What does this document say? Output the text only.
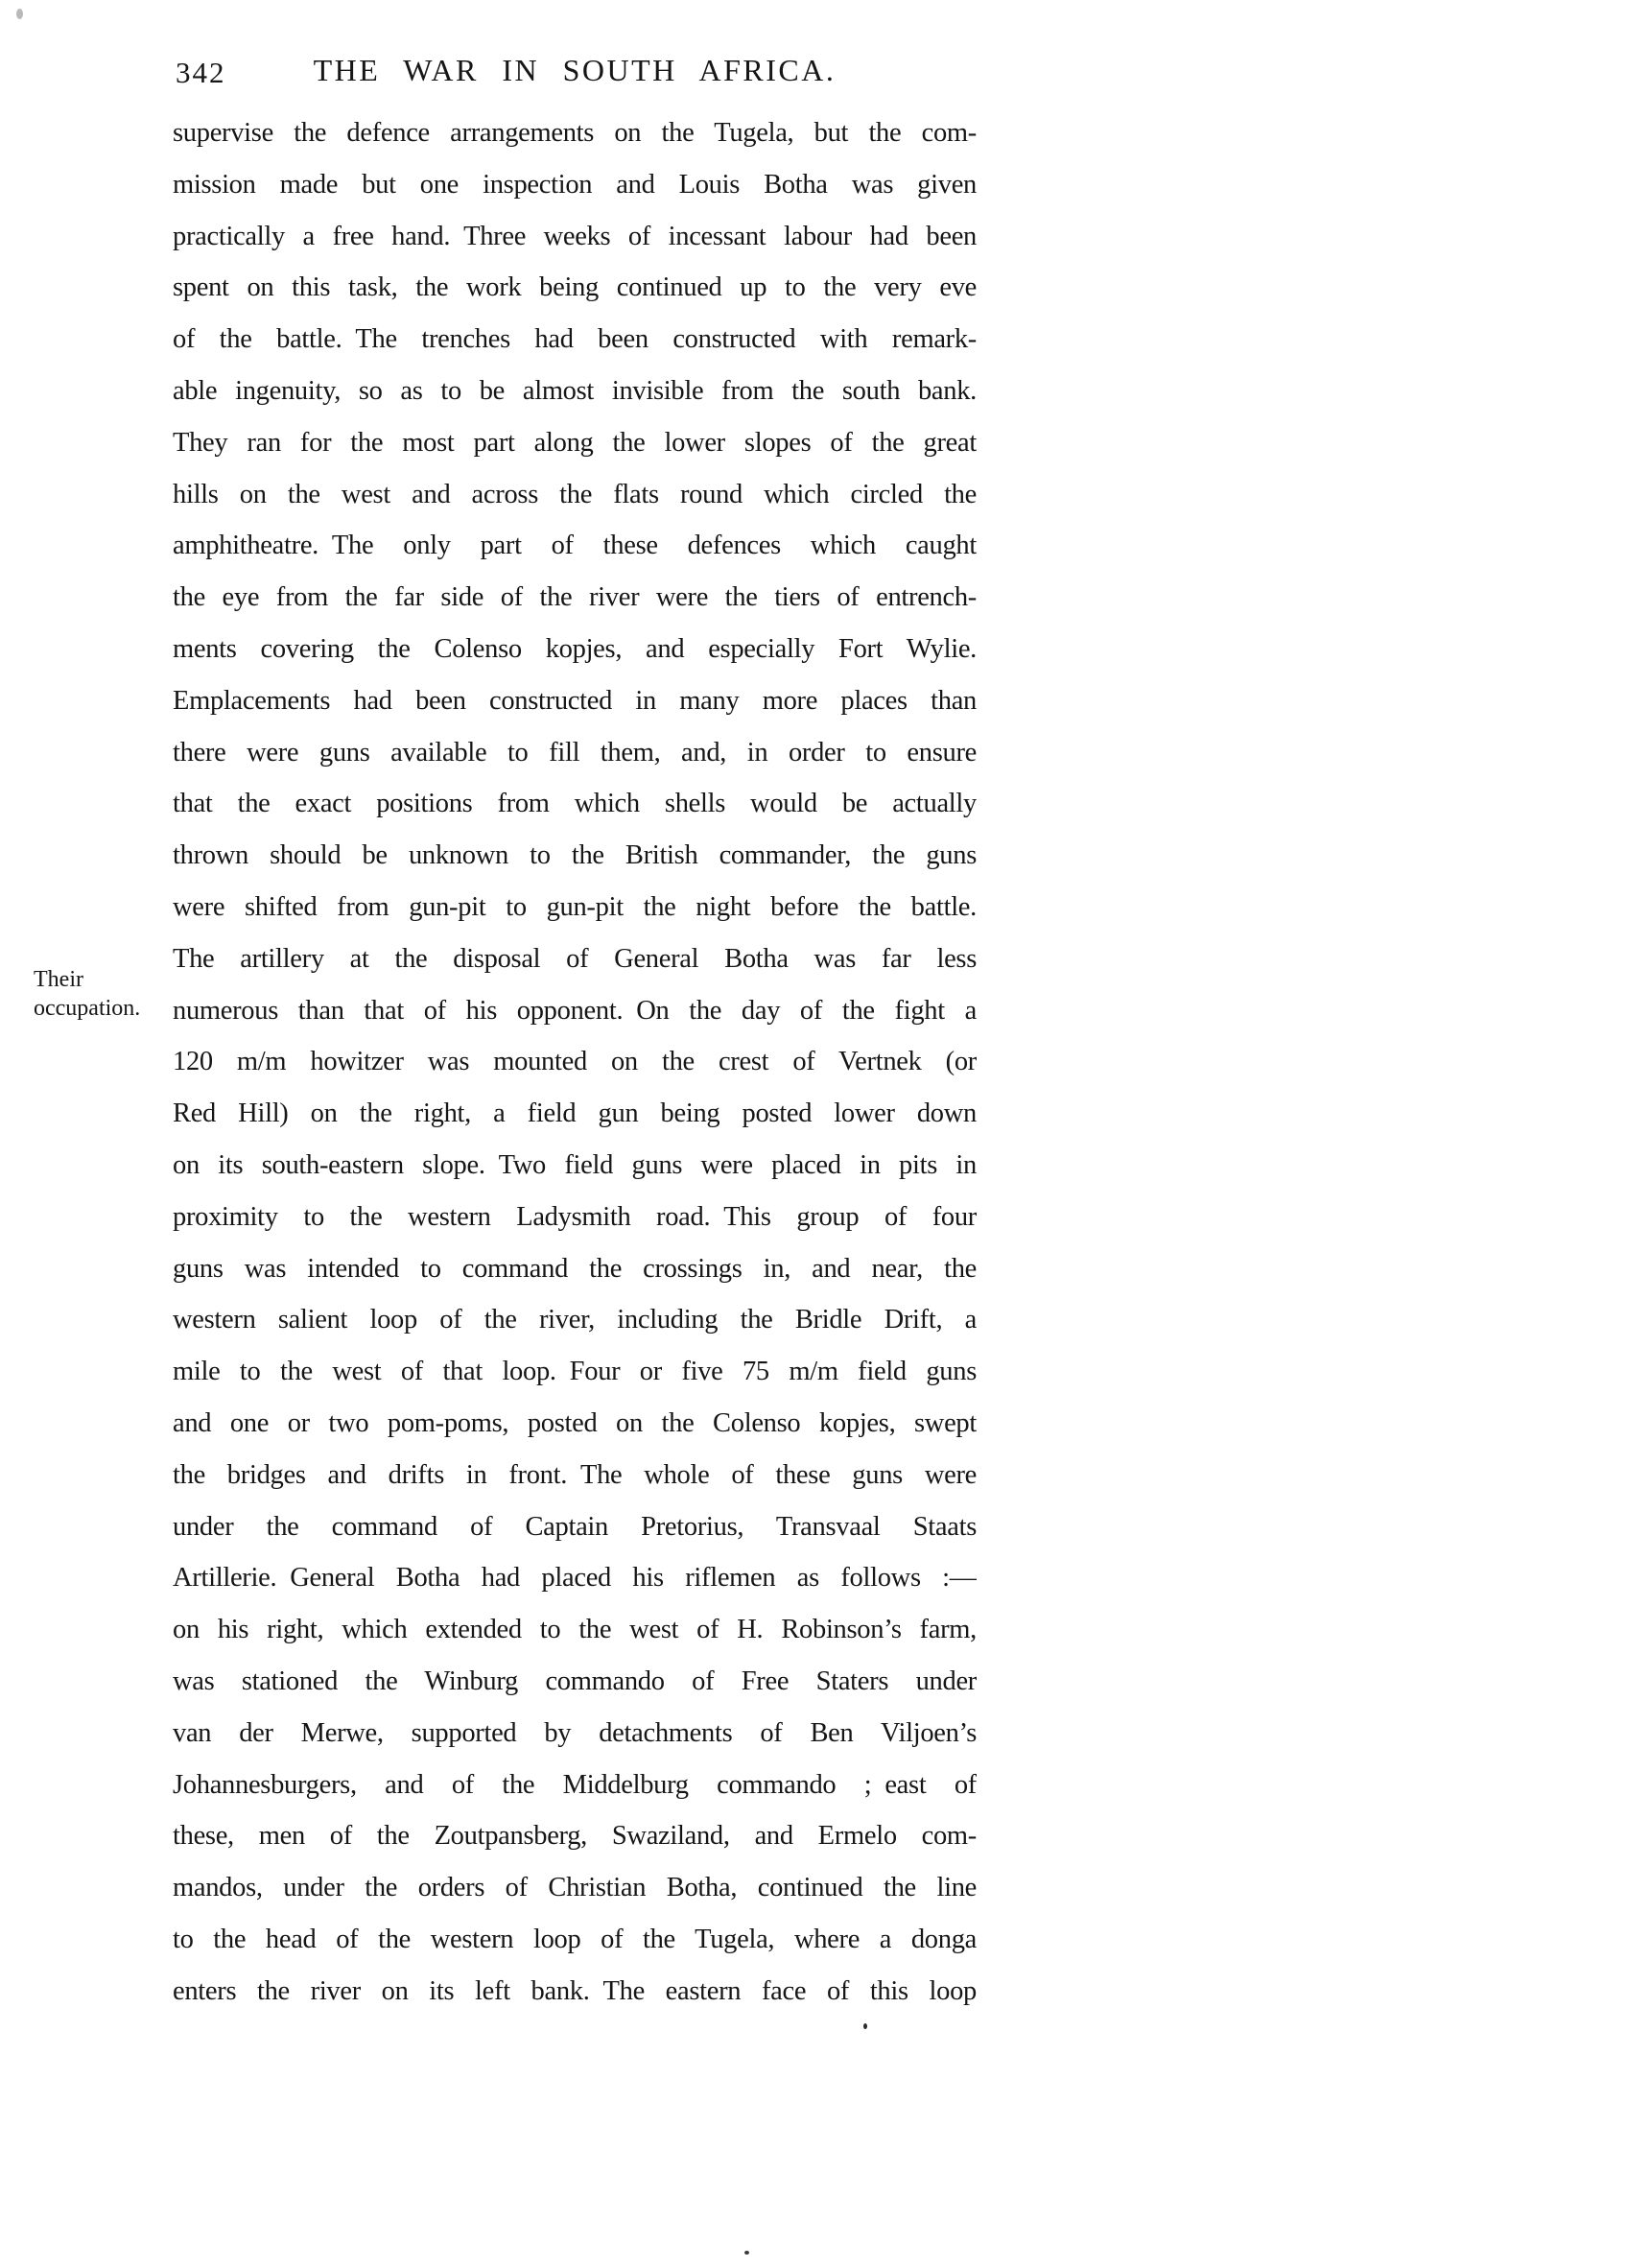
342	THE WAR IN SOUTH AFRICA.
Their
occupation.
supervise the defence arrangements on the Tugela, but the com-
mission made but one inspection and Louis Botha was given
practically a free hand. Three weeks of incessant labour had been
spent on this task, the work being continued up to the very eve
of the battle. The trenches had been constructed with remark-
able ingenuity, so as to be almost invisible from the south bank.
They ran for the most part along the lower slopes of the great
hills on the west and across the flats round which circled the
amphitheatre. The only part of these defences which caught
the eye from the far side of the river were the tiers of entrench-
ments covering the Colenso kopjes, and especially Fort Wylie.
Emplacements had been constructed in many more places than
there were guns available to fill them, and, in order to ensure
that the exact positions from which shells would be actually
thrown should be unknown to the British commander, the guns
were shifted from gun-pit to gun-pit the night before the battle.
The artillery at the disposal of General Botha was far less
numerous than that of his opponent. On the day of the fight a
120 m/m howitzer was mounted on the crest of Vertnek (or
Red Hill) on the right, a field gun being posted lower down
on its south-eastern slope. Two field guns were placed in pits in
proximity to the western Ladysmith road. This group of four
guns was intended to command the crossings in, and near, the
western salient loop of the river, including the Bridle Drift, a
mile to the west of that loop. Four or five 75 m/m field guns
and one or two pom-poms, posted on the Colenso kopjes, swept
the bridges and drifts in front. The whole of these guns were
under the command of Captain Pretorius, Transvaal Staats
Artillerie. General Botha had placed his riflemen as follows :—
on his right, which extended to the west of H. Robinson’s farm,
was stationed the Winburg commando of Free Staters under
van der Merwe, supported by detachments of Ben Viljoen’s
Johannesburgers, and of the Middelburg commando ; east of
these, men of the Zoutpansberg, Swaziland, and Ermelo com-
mandos, under the orders of Christian Botha, continued the line
to the head of the western loop of the Tugela, where a donga
enters the river on its left bank. The eastern face of this loop
